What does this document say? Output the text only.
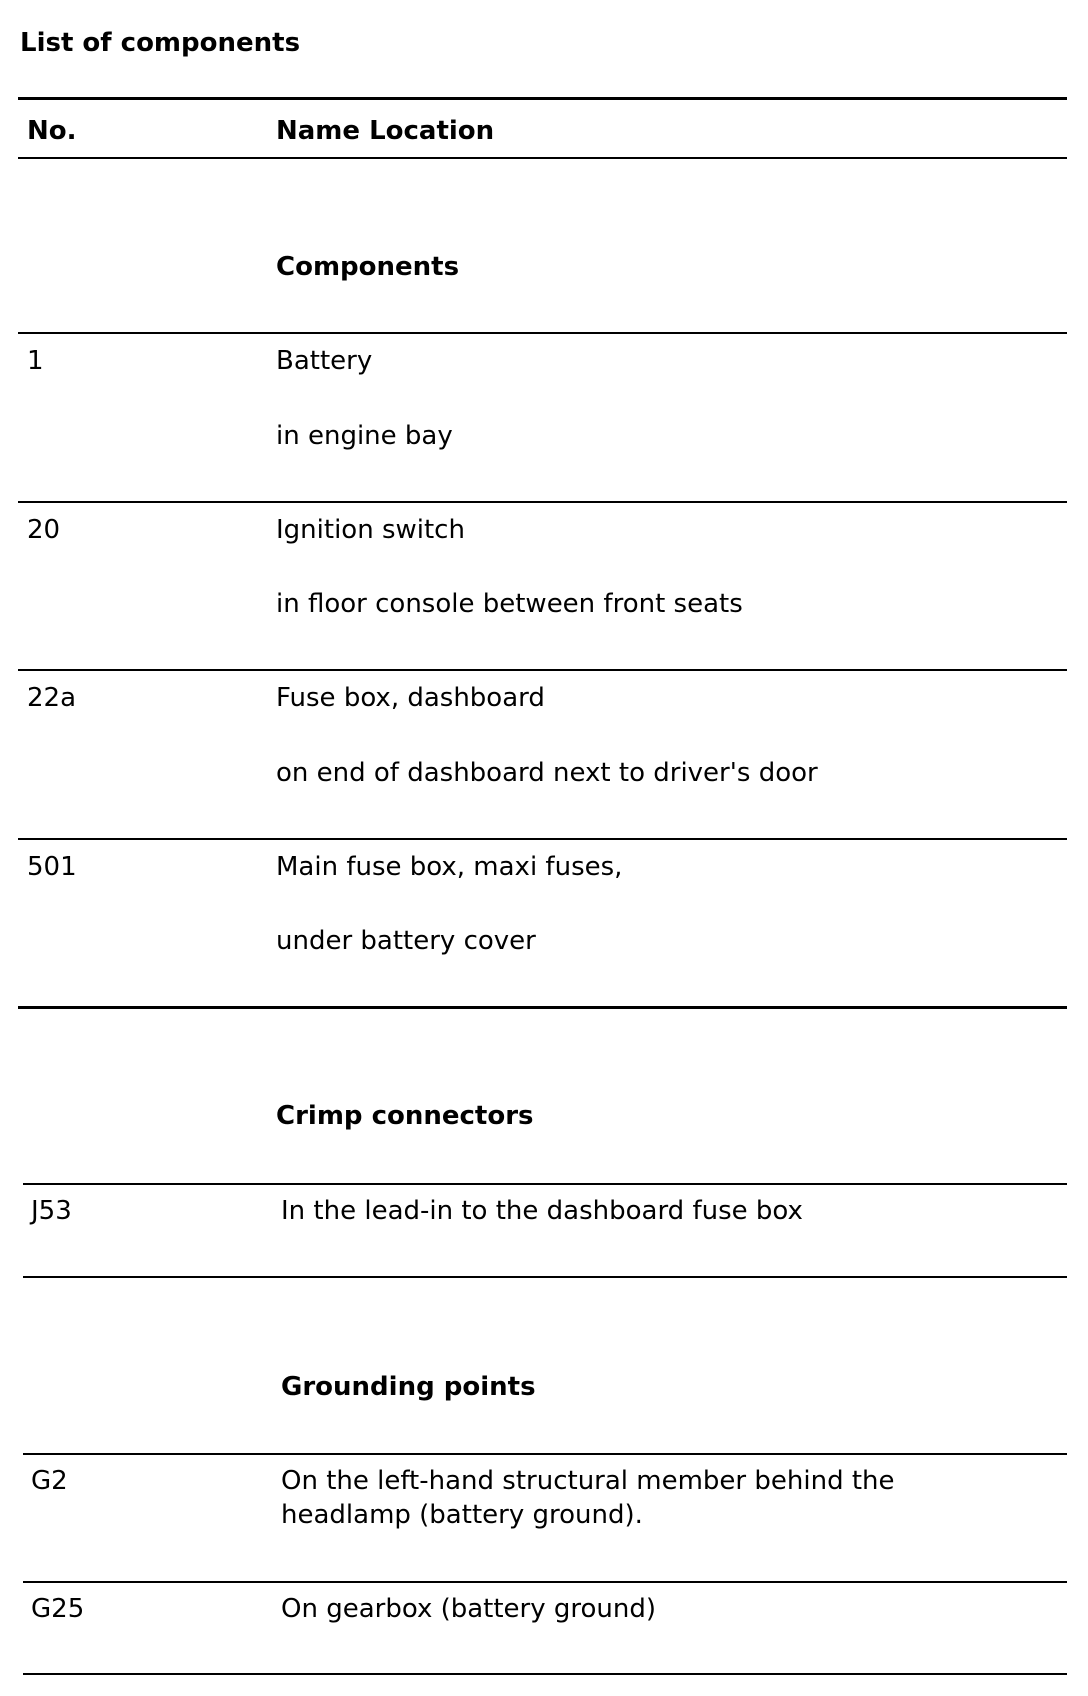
List of components
No.	Name Location
Components
1	Battery
in engine bay
20	Ignition switch
in floor console between front seats
22a	Fuse box, dashboard
on end of dashboard next to driver's door
501	Main fuse box, maxi fuses,
under battery cover
Crimp connectors
J53	In the lead-in to the dashboard fuse box
Grounding points
G2	On the left-hand structural member behind the
headlamp (battery ground).
G25	On gearbox (battery ground)
